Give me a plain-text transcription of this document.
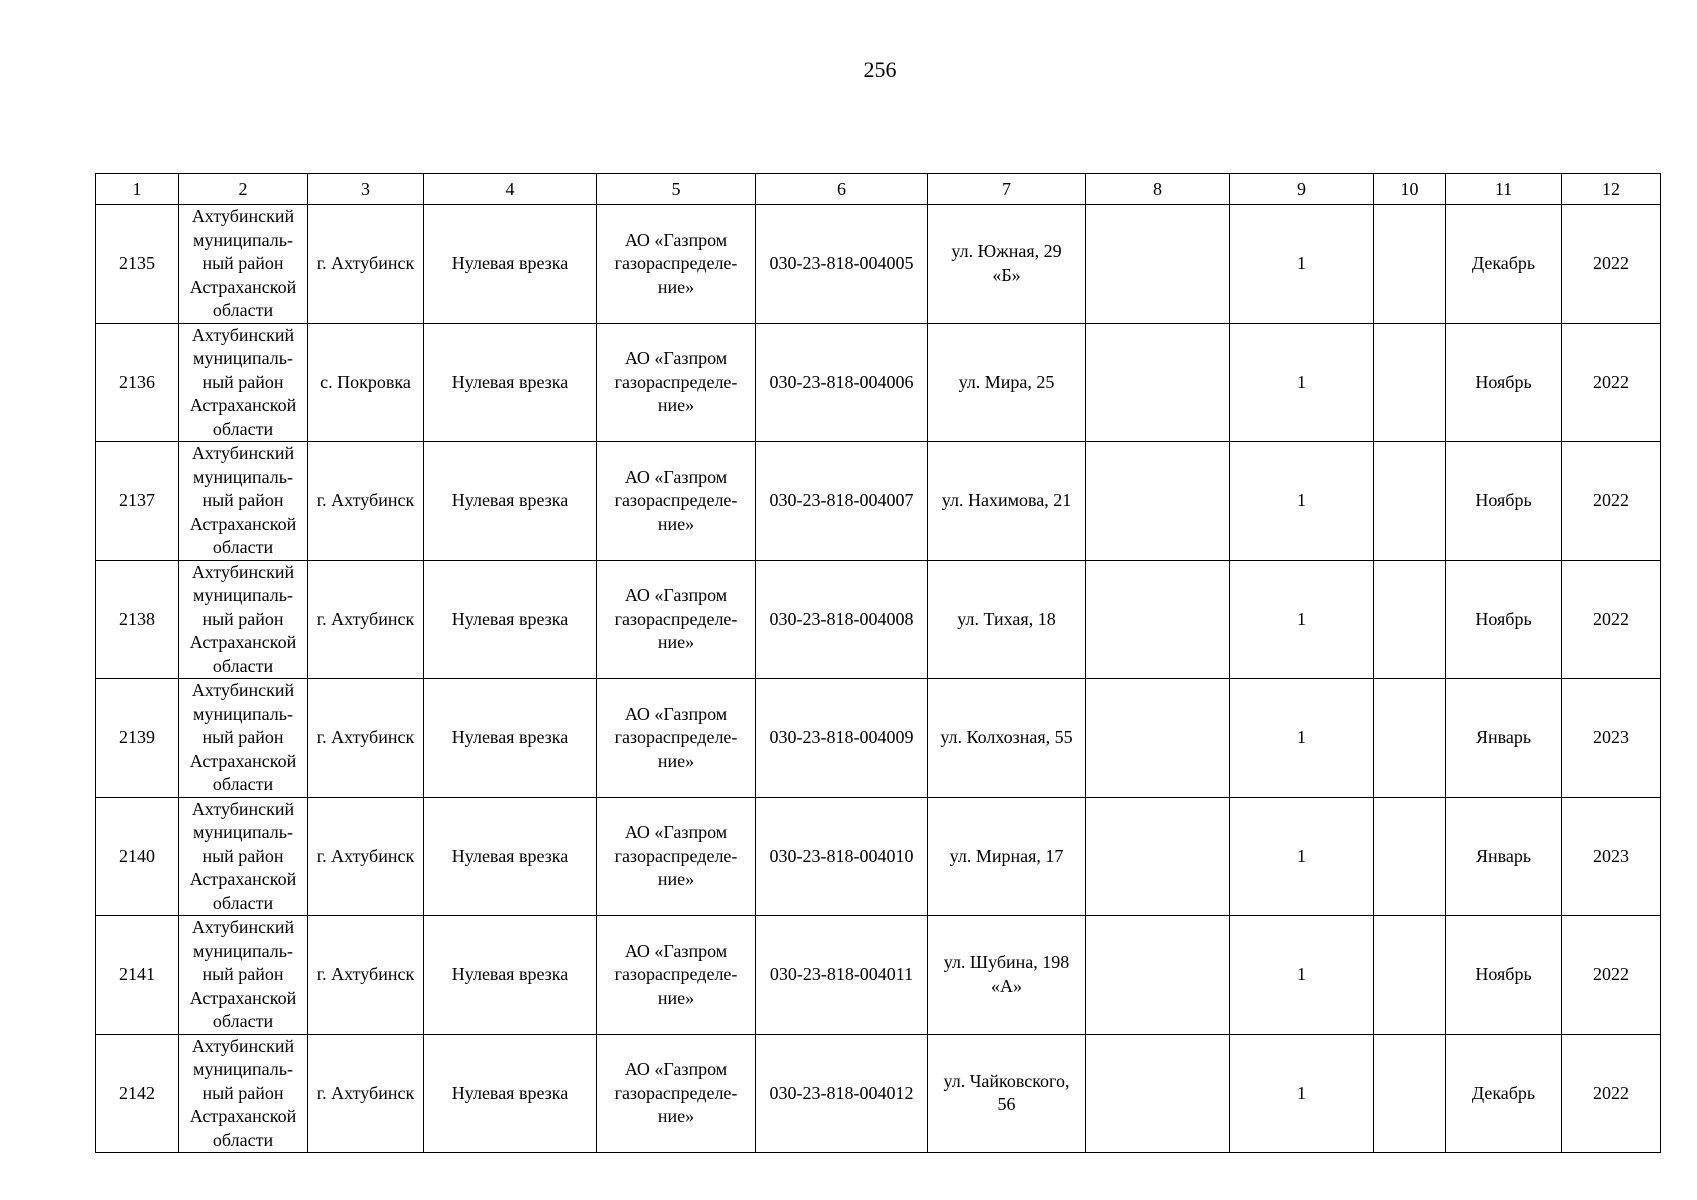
256
1	2	3	4	5	6	7	8	9	10	11	12
2135	Ахтубинский
муниципаль-
ный район
Астраханской
области	г. Ахтубинск	Нулевая врезка	АО «Газпром
газораспределе-
ние»	030-23-818-004005	ул. Южная, 29
«Б»		1		Декабрь	2022
2136	Ахтубинский
муниципаль-
ный район
Астраханской
области	с. Покровка	Нулевая врезка	АО «Газпром
газораспределе-
ние»	030-23-818-004006	ул. Мира, 25		1		Ноябрь	2022
2137	Ахтубинский
муниципаль-
ный район
Астраханской
области	г. Ахтубинск	Нулевая врезка	АО «Газпром
газораспределе-
ние»	030-23-818-004007	ул. Нахимова, 21		1		Ноябрь	2022
2138	Ахтубинский
муниципаль-
ный район
Астраханской
области	г. Ахтубинск	Нулевая врезка	АО «Газпром
газораспределе-
ние»	030-23-818-004008	ул. Тихая, 18		1		Ноябрь	2022
2139	Ахтубинский
муниципаль-
ный район
Астраханской
области	г. Ахтубинск	Нулевая врезка	АО «Газпром
газораспределе-
ние»	030-23-818-004009	ул. Колхозная, 55		1		Январь	2023
2140	Ахтубинский
муниципаль-
ный район
Астраханской
области	г. Ахтубинск	Нулевая врезка	АО «Газпром
газораспределе-
ние»	030-23-818-004010	ул. Мирная, 17		1		Январь	2023
2141	Ахтубинский
муниципаль-
ный район
Астраханской
области	г. Ахтубинск	Нулевая врезка	АО «Газпром
газораспределе-
ние»	030-23-818-004011	ул. Шубина, 198
«А»		1		Ноябрь	2022
2142	Ахтубинский
муниципаль-
ный район
Астраханской
области	г. Ахтубинск	Нулевая врезка	АО «Газпром
газораспределе-
ние»	030-23-818-004012	ул. Чайковского,
56		1		Декабрь	2022
